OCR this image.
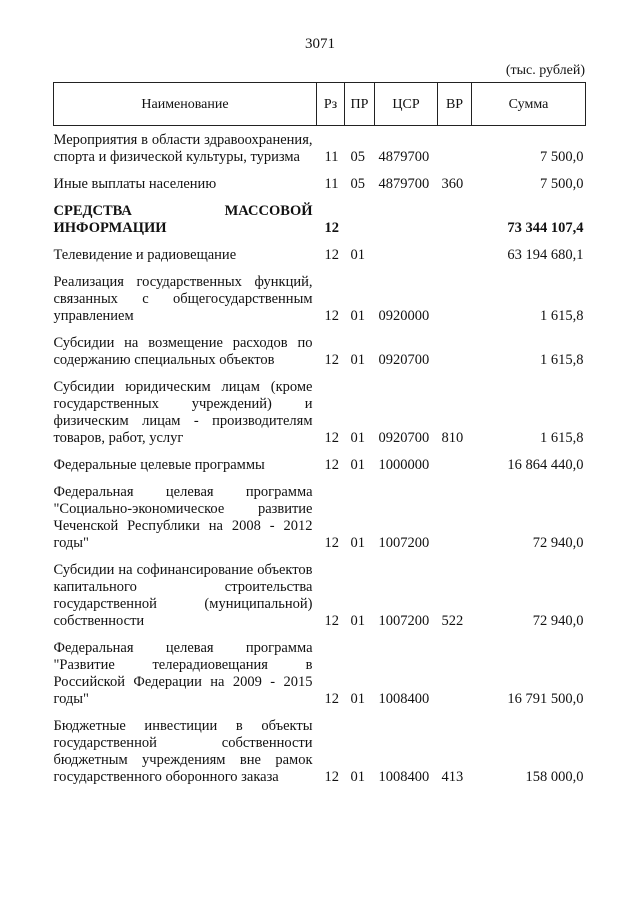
3071
(тыс. рублей)
Наименование	Рз	ПР	ЦСР	ВР	Сумма
Мероприятия в области здравоохранения, спорта и физической культуры, туризма	11	05	4879700		7 500,0
Иные выплаты населению	11	05	4879700	360	7 500,0
СРЕДСТВА МАССОВОЙ ИНФОРМАЦИИ	12				73 344 107,4
Телевидение и радиовещание	12	01			63 194 680,1
Реализация государственных функций, связанных с общегосударственным управлением	12	01	0920000		1 615,8
Субсидии на возмещение расходов по содержанию специальных объектов	12	01	0920700		1 615,8
Субсидии юридическим лицам (кроме государственных учреждений) и физическим лицам - производителям товаров, работ, услуг	12	01	0920700	810	1 615,8
Федеральные целевые программы	12	01	1000000		16 864 440,0
Федеральная целевая программа "Социально-экономическое развитие Чеченской Республики на 2008 - 2012 годы"	12	01	1007200		72 940,0
Субсидии на софинансирование объектов капитального строительства государственной (муниципальной) собственности	12	01	1007200	522	72 940,0
Федеральная целевая программа "Развитие телерадиовещания в Российской Федерации на 2009 - 2015 годы"	12	01	1008400		16 791 500,0
Бюджетные инвестиции в объекты государственной собственности бюджетным учреждениям вне рамок государственного оборонного заказа	12	01	1008400	413	158 000,0
